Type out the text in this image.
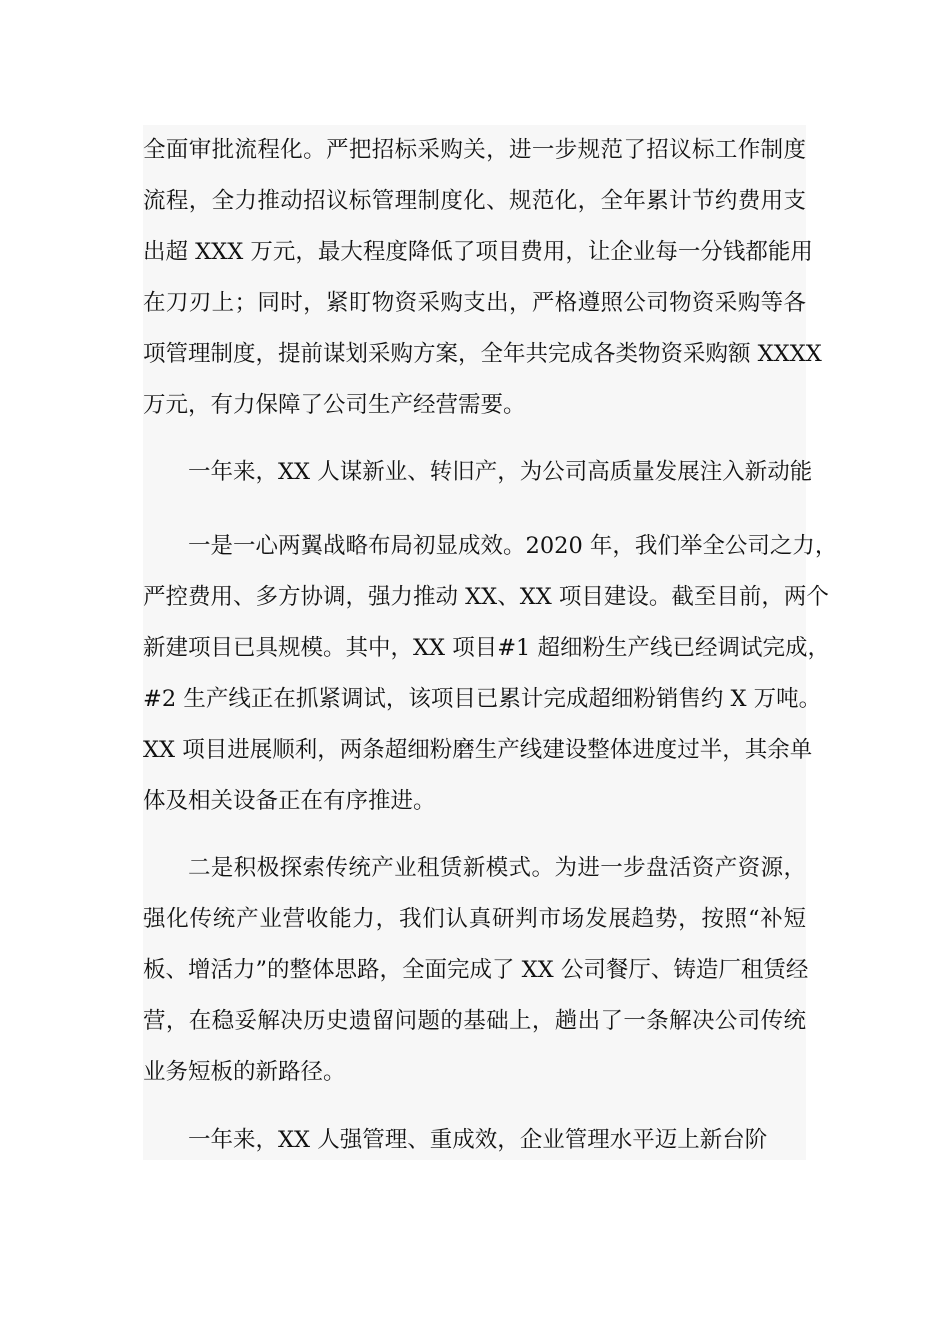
全面审批流程化。严把招标采购关，进一步规范了招议标工作制度
流程，全力推动招议标管理制度化、规范化，全年累计节约费用支
出超 XXX 万元，最大程度降低了项目费用，让企业每一分钱都能用
在刀刃上；同时，紧盯物资采购支出，严格遵照公司物资采购等各
项管理制度，提前谋划采购方案，全年共完成各类物资采购额 XXXX
万元，有力保障了公司生产经营需要。

一年来，XX 人谋新业、转旧产，为公司高质量发展注入新动能

一是一心两翼战略布局初显成效。2020 年，我们举全公司之力，
严控费用、多方协调，强力推动 XX、XX 项目建设。截至目前，两个
新建项目已具规模。其中，XX 项目#1 超细粉生产线已经调试完成，
#2 生产线正在抓紧调试，该项目已累计完成超细粉销售约 X 万吨。
XX 项目进展顺利，两条超细粉磨生产线建设整体进度过半，其余单
体及相关设备正在有序推进。

二是积极探索传统产业租赁新模式。为进一步盘活资产资源，
强化传统产业营收能力，我们认真研判市场发展趋势，按照“补短
板、增活力”的整体思路，全面完成了 XX 公司餐厅、铸造厂租赁经
营，在稳妥解决历史遗留问题的基础上，趟出了一条解决公司传统
业务短板的新路径。

一年来，XX 人强管理、重成效，企业管理水平迈上新台阶
